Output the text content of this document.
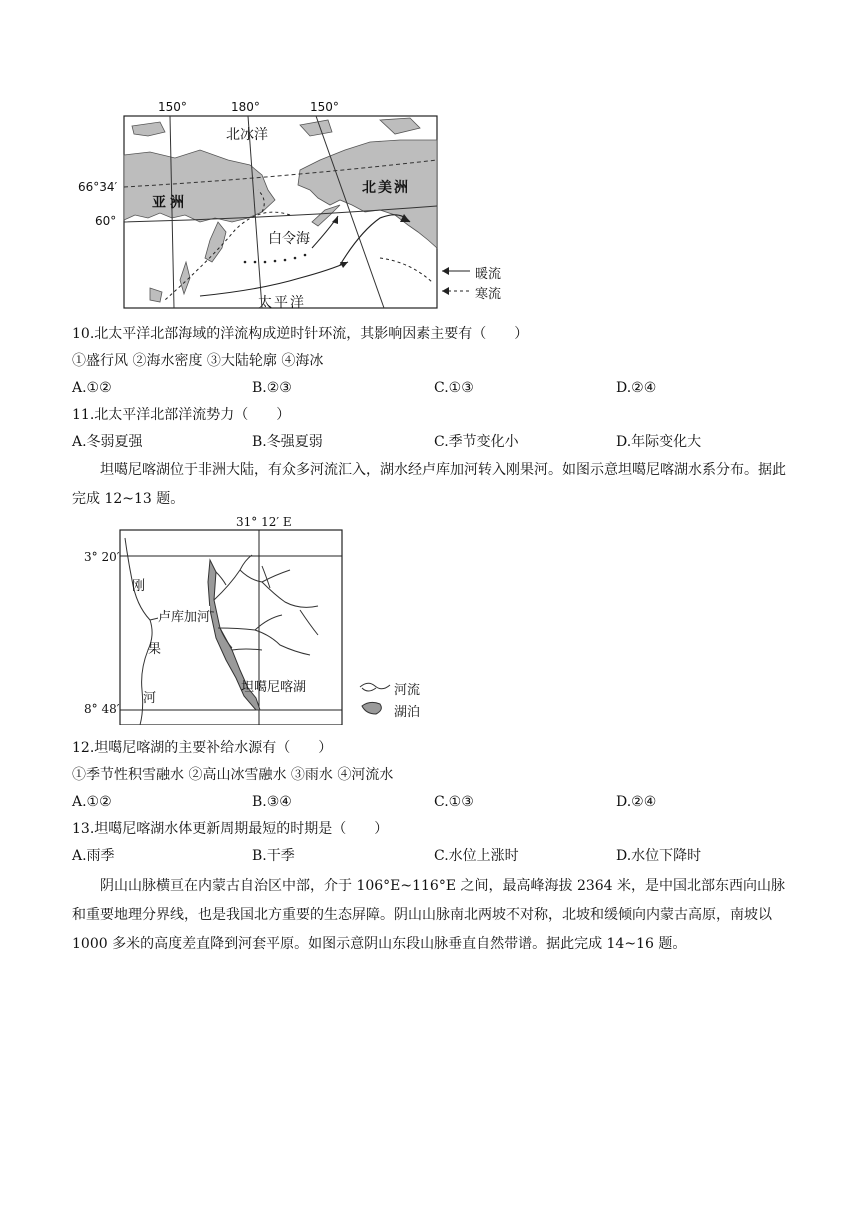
150°	180°	150°
66°34′
60°
北冰洋
亚洲
北美洲
白令海
太平洋
暖流
寒流
10.北太平洋北部海域的洋流构成逆时针环流，其影响因素主要有（　　）
①盛行风 ②海水密度 ③大陆轮廓 ④海冰
A.①②	B.②③	C.①③	D.②④
11.北太平洋北部洋流势力（　　）
A.冬弱夏强	B.冬强夏弱	C.季节变化小	D.年际变化大
坦噶尼喀湖位于非洲大陆，有众多河流汇入，湖水经卢库加河转入刚果河。如图示意坦噶尼喀湖水系分布。据此完成 12~13 题。
31° 12′ E
3° 20′
8° 48′
刚
卢库加河
果
河
坦噶尼喀湖	河流
湖泊
12.坦噶尼喀湖的主要补给水源有（　　）
①季节性积雪融水 ②高山冰雪融水 ③雨水 ④河流水
A.①②	B.③④	C.①③	D.②④
13.坦噶尼喀湖水体更新周期最短的时期是（　　）
A.雨季	B.干季	C.水位上涨时	D.水位下降时
阴山山脉横亘在内蒙古自治区中部，介于 106°E~116°E 之间，最高峰海拔 2364 米，是中国北部东西向山脉和重要地理分界线，也是我国北方重要的生态屏障。阴山山脉南北两坡不对称，北坡和缓倾向内蒙古高原，南坡以 1000 多米的高度差直降到河套平原。如图示意阴山东段山脉垂直自然带谱。据此完成 14~16 题。
